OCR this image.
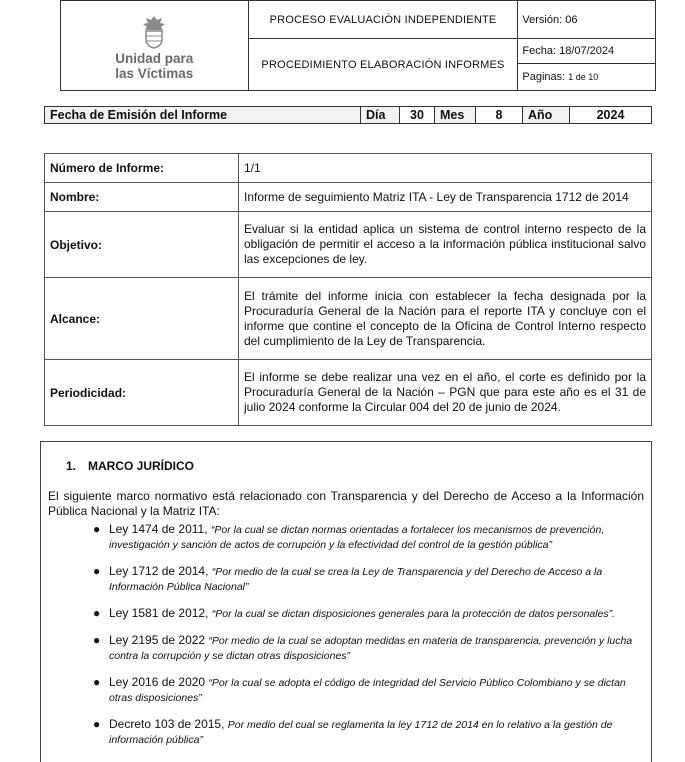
Unidad para
las Víctimas	PROCESO EVALUACIÒN INDEPENDIENTE	Versión: 06
	PROCEDIMIENTO ELABORACIÓN INFORMES	Fecha: 18/07/2024
		Paginas: 1 de 10
Fecha de Emisión del Informe	Día	30	Mes	8	Año	2024
Número de Informe:	1/1
Nombre:	Informe de seguimiento Matriz ITA - Ley de Transparencia 1712 de 2014
Objetivo:	Evaluar si la entidad aplica un sistema de control interno respecto de la obligación de permitir el acceso a la información pública institucional salvo las excepciones de ley.
Alcance:	El trámite del informe inicia con establecer la fecha designada por la Procuraduría General de la Nación para el reporte ITA y concluye con el informe que contine el concepto de la Oficina de Control Interno respecto del cumplimiento de la Ley de Transparencia.
Periodicidad:	El informe se debe realizar una vez en el año, el corte es definido por la Procuraduría General de la Nación – PGN que para este año es el 31 de julio 2024 conforme la Circular 004 del 20 de junio de 2024.
1. MARCO JURÍDICO
El siguiente marco normativo está relacionado con Transparencia y del Derecho de Acceso a la Información Pública Nacional y la Matriz ITA:
● Ley 1474 de 2011, “Por la cual se dictan normas orientadas a fortalecer los mecanismos de prevención, investigación y sanción de actos de corrupción y la efectividad del control de la gestión pública”
● Ley 1712 de 2014, “Por medio de la cual se crea la Ley de Transparencia y del Derecho de Acceso a la Información Pública Nacional”
● Ley 1581 de 2012, “Por la cual se dictan disposiciones generales para la protección de datos personales”.
● Ley 2195 de 2022 “Por medio de la cual se adoptan medidas en materia de transparencia, prevención y lucha contra la corrupción y se dictan otras disposiciones”
● Ley 2016 de 2020 “Por la cual se adopta el código de integridad del Servicio Público Colombiano y se dictan otras disposiciones”
● Decreto 103 de 2015, Por medio del cual se reglamenta la ley 1712 de 2014 en lo relativo a la gestión de información pública”
